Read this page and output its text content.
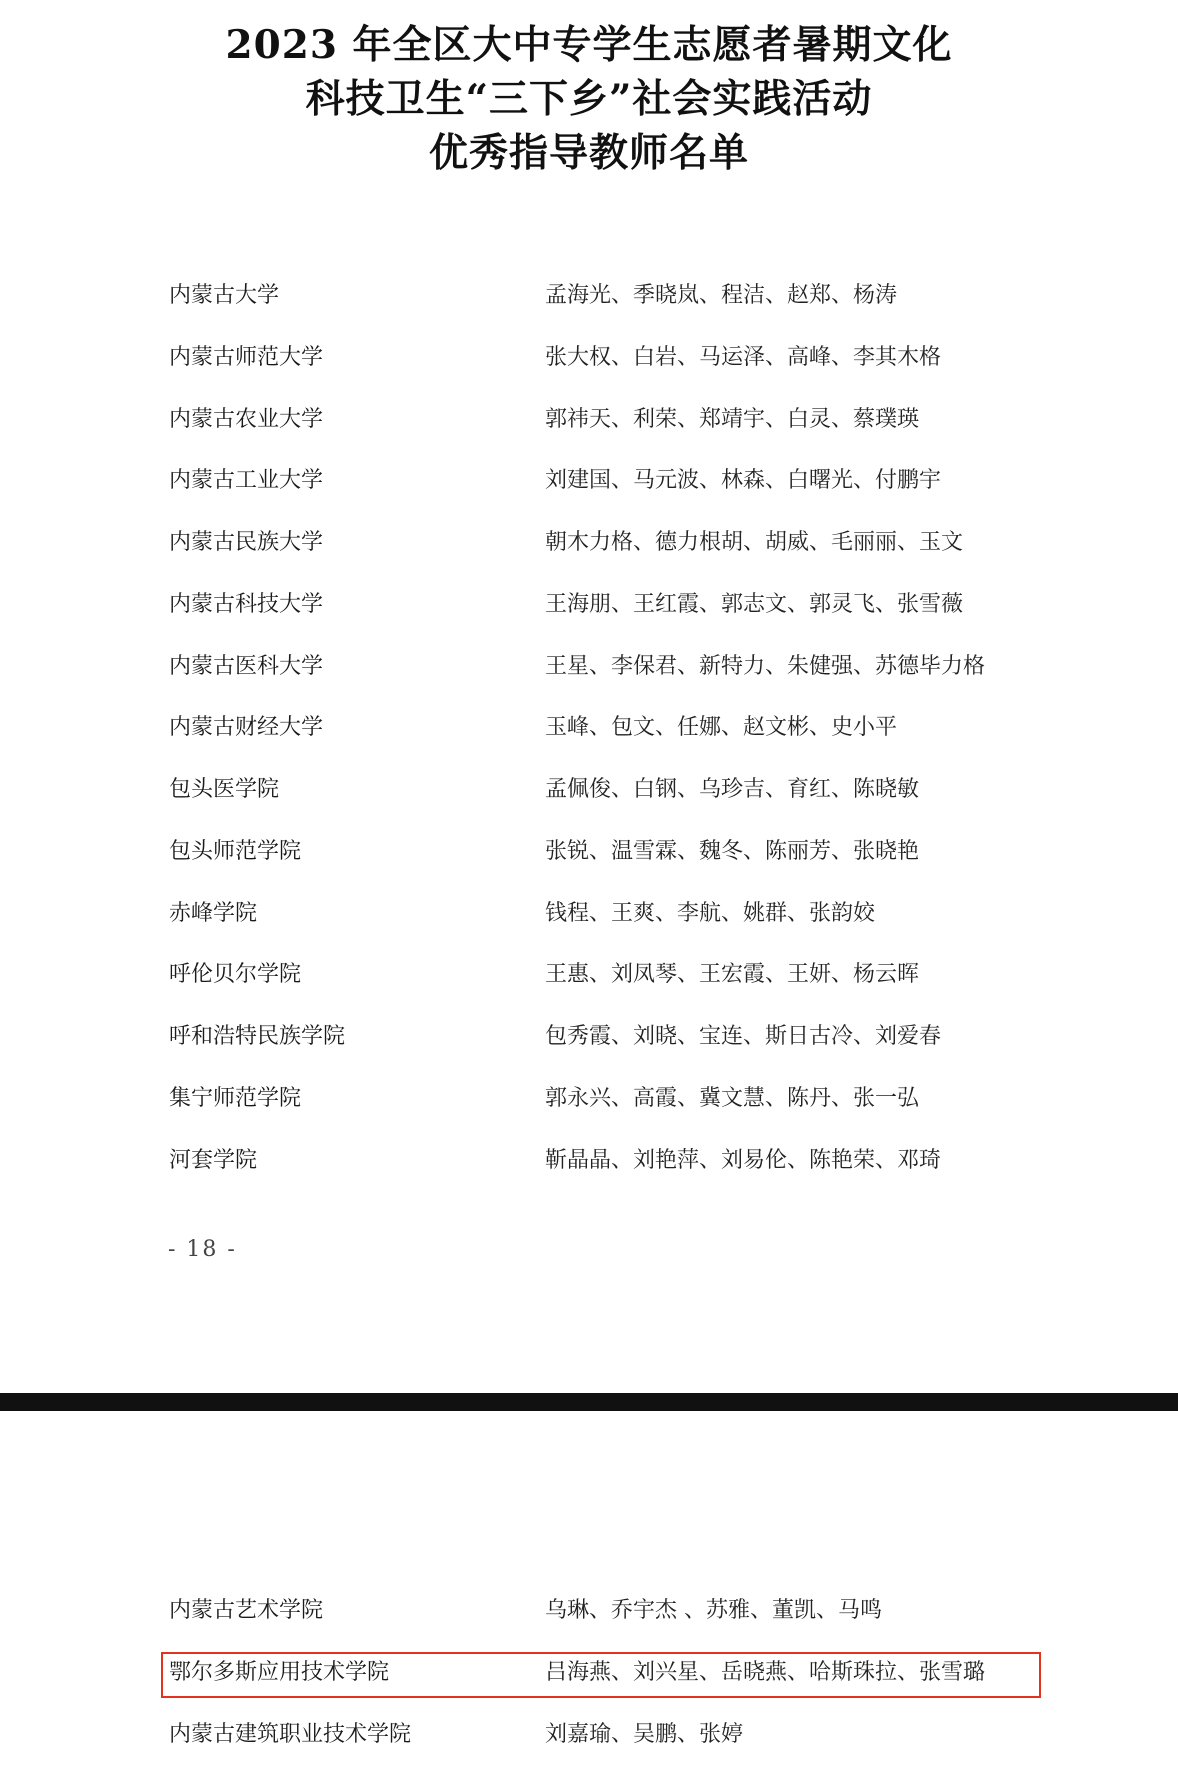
2023 年全区大中专学生志愿者暑期文化
科技卫生“三下乡”社会实践活动
优秀指导教师名单
内蒙古大学	孟海光、季晓岚、程洁、赵郑、杨涛
内蒙古师范大学	张大权、白岩、马运泽、高峰、李其木格
内蒙古农业大学	郭祎天、利荣、郑靖宇、白灵、蔡璞瑛
内蒙古工业大学	刘建国、马元波、林森、白曙光、付鹏宇
内蒙古民族大学	朝木力格、德力根胡、胡威、毛丽丽、玉文
内蒙古科技大学	王海朋、王红霞、郭志文、郭灵飞、张雪薇
内蒙古医科大学	王星、李保君、新特力、朱健强、苏德毕力格
内蒙古财经大学	玉峰、包文、任娜、赵文彬、史小平
包头医学院	孟佩俊、白钢、乌珍吉、育红、陈晓敏
包头师范学院	张锐、温雪霖、魏冬、陈丽芳、张晓艳
赤峰学院	钱程、王爽、李航、姚群、张韵姣
呼伦贝尔学院	王惠、刘凤琴、王宏霞、王妍、杨云晖
呼和浩特民族学院	包秀霞、刘晓、宝连、斯日古冷、刘爱春
集宁师范学院	郭永兴、高霞、冀文慧、陈丹、张一弘
河套学院	靳晶晶、刘艳萍、刘易伦、陈艳荣、邓琦
- 18 -
内蒙古艺术学院	乌琳、乔宇杰 、苏雅、董凯、马鸣
鄂尔多斯应用技术学院	吕海燕、刘兴星、岳晓燕、哈斯珠拉、张雪璐
内蒙古建筑职业技术学院	刘嘉瑜、吴鹏、张婷
